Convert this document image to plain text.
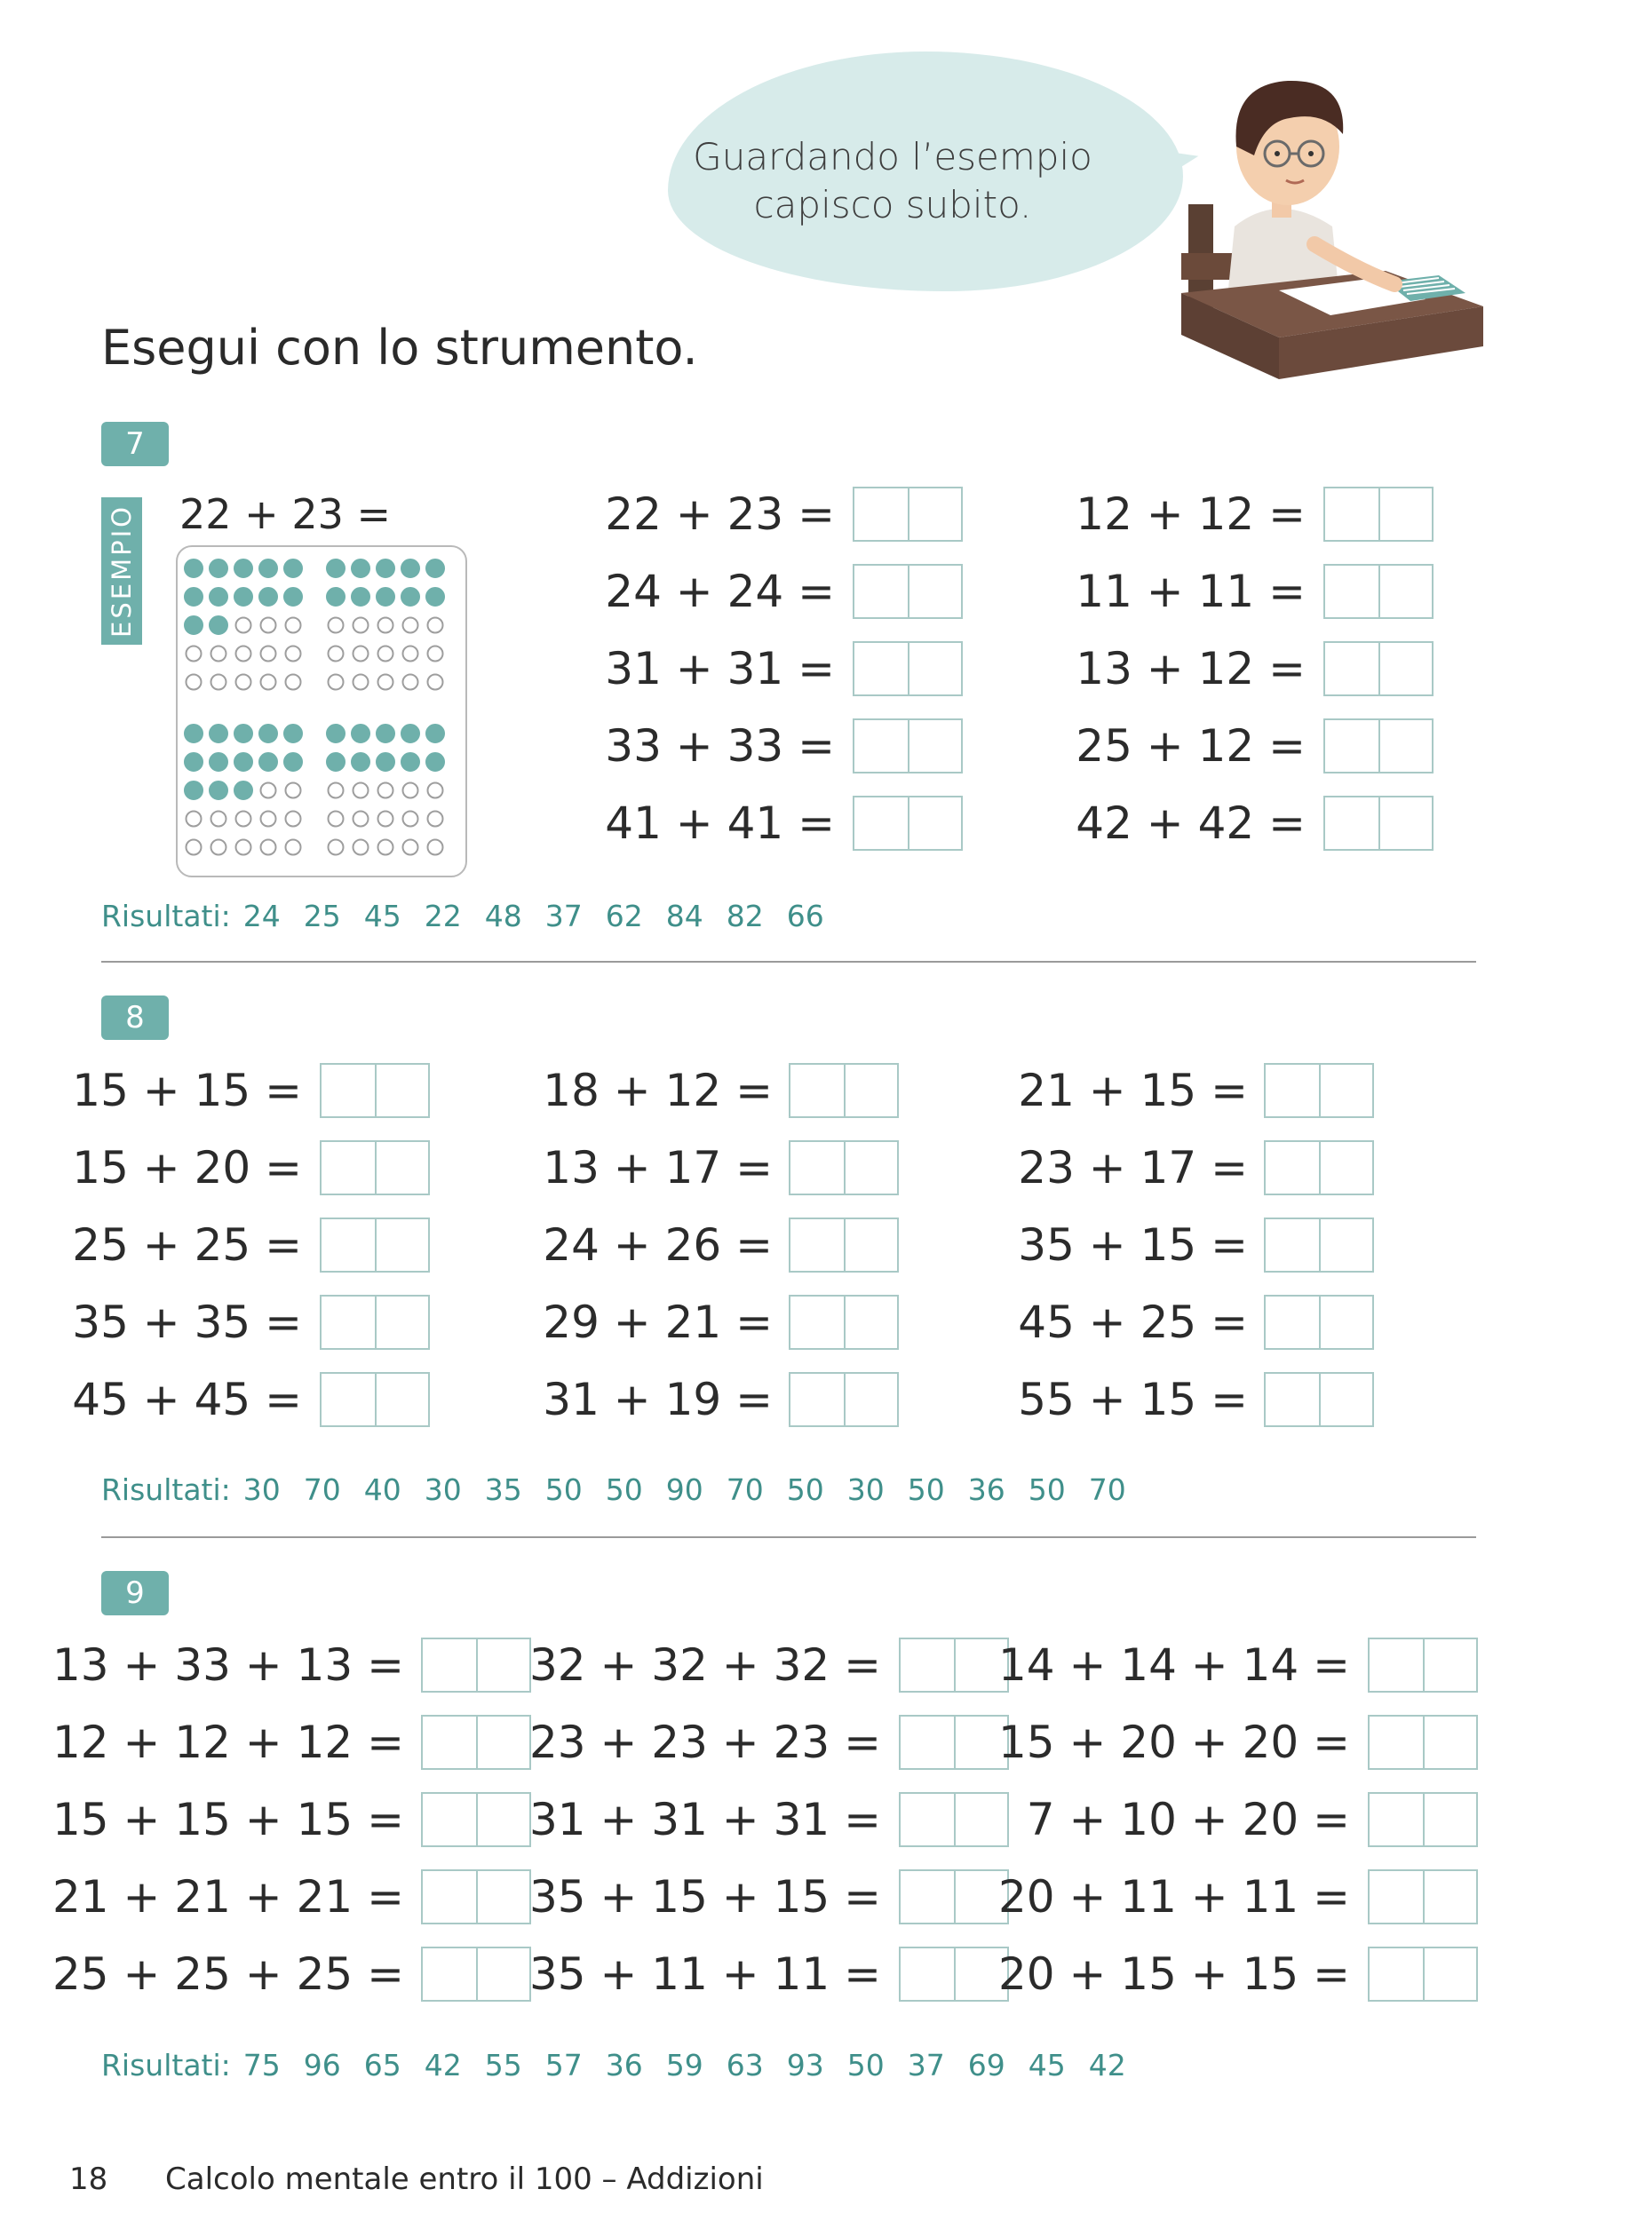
Guardando l’esempio
capisco subito.
Esegui con lo strumento.
7
ESEMPIO 22 + 23 =	22 + 23 =
24 + 24 =
31 + 31 =
33 + 33 =
41 + 41 =
12 + 12 =
11 + 11 =
13 + 12 =
25 + 12 =
42 + 42 =
Risultati: 24 25 45 22 48 37 62 84 82 66
8
15 + 15 =
15 + 20 =
25 + 25 =
35 + 35 =
45 + 45 =
18 + 12 =
13 + 17 =
24 + 26 =
29 + 21 =
31 + 19 =
21 + 15 =
23 + 17 =
35 + 15 =
45 + 25 =
55 + 15 =
Risultati: 30 70 40 30 35 50 50 90 70 50 30 50 36 50 70
9
13 + 33 + 13 =
12 + 12 + 12 =
15 + 15 + 15 =
21 + 21 + 21 =
25 + 25 + 25 =
32 + 32 + 32 =
23 + 23 + 23 =
31 + 31 + 31 =
35 + 15 + 15 =
35 + 11 + 11 =
14 + 14 + 14 =
15 + 20 + 20 =
7 + 10 + 20 =
20 + 11 + 11 =
20 + 15 + 15 =
Risultati: 75 96 65 42 55 57 36 59 63 93 50 37 69 45 42
18 Calcolo mentale entro il 100 – Addizioni
